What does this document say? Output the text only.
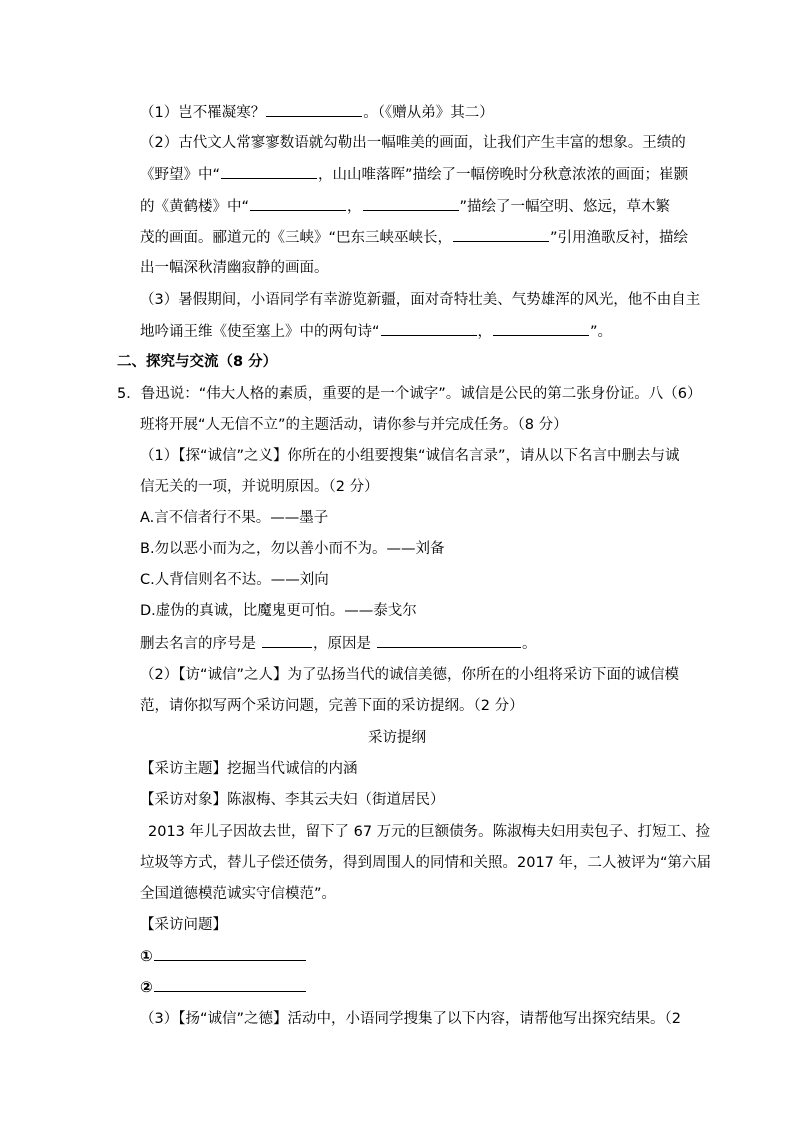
（1）岂不罹凝寒？	。（《赠从弟》其二）
（2）古代文人常寥寥数语就勾勒出一幅唯美的画面，让我们产生丰富的想象。王绩的
《野望》中“	，山山唯落晖”描绘了一幅傍晚时分秋意浓浓的画面；崔颢
的《黄鹤楼》中“	，	”描绘了一幅空明、悠远，草木繁
茂的画面。郦道元的《三峡》“巴东三峡巫峡长，	”引用渔歌反衬，描绘
出一幅深秋清幽寂静的画面。
（3）暑假期间，小语同学有幸游览新疆，面对奇特壮美、气势雄浑的风光，他不由自主
地吟诵王维《使至塞上》中的两句诗“	，	”。
二、探究与交流（8 分）
5．鲁迅说：“伟大人格的素质，重要的是一个诚字”。诚信是公民的第二张身份证。八（6）
班将开展“人无信不立”的主题活动，请你参与并完成任务。（8 分）
（1）【探“诚信”之义】你所在的小组要搜集“诚信名言录”，请从以下名言中删去与诚
信无关的一项，并说明原因。（2 分）
A.言不信者行不果。——墨子
B.勿以恶小而为之，勿以善小而不为。——刘备
C.人背信则名不达。——刘向
D.虚伪的真诚，比魔鬼更可怕。——泰戈尔
删去名言的序号是	，原因是	。
（2）【访“诚信”之人】为了弘扬当代的诚信美德，你所在的小组将采访下面的诚信模
范，请你拟写两个采访问题，完善下面的采访提纲。（2 分）
采访提纲
【采访主题】挖掘当代诚信的内涵
【采访对象】陈淑梅、李其云夫妇（街道居民）
2013 年儿子因故去世，留下了 67 万元的巨额债务。陈淑梅夫妇用卖包子、打短工、捡
垃圾等方式，替儿子偿还债务，得到周围人的同情和关照。2017 年，二人被评为“第六届
全国道德模范诚实守信模范”。
【采访问题】
①
②
（3）【扬“诚信”之德】活动中，小语同学搜集了以下内容，请帮他写出探究结果。（2
